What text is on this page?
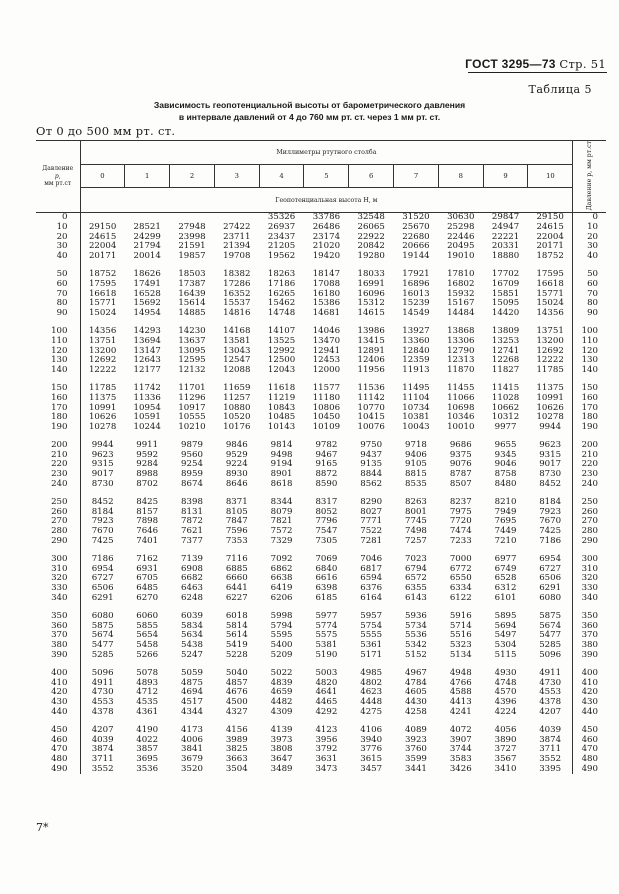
ГОСТ 3295—73 Стр. 51
Таблица 5
Зависимость геопотенциальной высоты от барометрического давления
в интервале давлений от 4 до 760 мм рт. ст. через 1 мм рт. ст.
От 0 до 500 мм рт. ст.
Давление
p,
мм рт.ст	Миллиметры ртутного столба											Давление p, мм рт.ст
	0	1	2	3	4	5	6	7	8	9	10	
	Геопотенциальная высота H, м											
0					35326	33786	32548	31520	30630	29847	29150	0
10	29150	28521	27948	27422	26937	26486	26065	25670	25298	24947	24615	10
20	24615	24299	23998	23711	23437	23174	22922	22680	22446	22221	22004	20
30	22004	21794	21591	21394	21205	21020	20842	20666	20495	20331	20171	30
40	20171	20014	19857	19708	19562	19420	19280	19144	19010	18880	18752	40

50	18752	18626	18503	18382	18263	18147	18033	17921	17810	17702	17595	50
60	17595	17491	17387	17286	17186	17088	16991	16896	16802	16709	16618	60
70	16618	16528	16439	16352	16265	16180	16096	16013	15932	15851	15771	70
80	15771	15692	15614	15537	15462	15386	15312	15239	15167	15095	15024	80
90	15024	14954	14885	14816	14748	14681	14615	14549	14484	14420	14356	90

100	14356	14293	14230	14168	14107	14046	13986	13927	13868	13809	13751	100
110	13751	13694	13637	13581	13525	13470	13415	13360	13306	13253	13200	110
120	13200	13147	13095	13043	12992	12941	12891	12840	12790	12741	12692	120
130	12692	12643	12595	12547	12500	12453	12406	12359	12313	12268	12222	130
140	12222	12177	12132	12088	12043	12000	11956	11913	11870	11827	11785	140

150	11785	11742	11701	11659	11618	11577	11536	11495	11455	11415	11375	150
160	11375	11336	11296	11257	11219	11180	11142	11104	11066	11028	10991	160
170	10991	10954	10917	10880	10843	10806	10770	10734	10698	10662	10626	170
180	10626	10591	10555	10520	10485	10450	10415	10381	10346	10312	10278	180
190	10278	10244	10210	10176	10143	10109	10076	10043	10010	9977	9944	190

200	9944	9911	9879	9846	9814	9782	9750	9718	9686	9655	9623	200
210	9623	9592	9560	9529	9498	9467	9437	9406	9375	9345	9315	210
220	9315	9284	9254	9224	9194	9165	9135	9105	9076	9046	9017	220
230	9017	8988	8959	8930	8901	8872	8844	8815	8787	8758	8730	230
240	8730	8702	8674	8646	8618	8590	8562	8535	8507	8480	8452	240

250	8452	8425	8398	8371	8344	8317	8290	8263	8237	8210	8184	250
260	8184	8157	8131	8105	8079	8052	8027	8001	7975	7949	7923	260
270	7923	7898	7872	7847	7821	7796	7771	7745	7720	7695	7670	270
280	7670	7646	7621	7596	7572	7547	7522	7498	7474	7449	7425	280
290	7425	7401	7377	7353	7329	7305	7281	7257	7233	7210	7186	290

300	7186	7162	7139	7116	7092	7069	7046	7023	7000	6977	6954	300
310	6954	6931	6908	6885	6862	6840	6817	6794	6772	6749	6727	310
320	6727	6705	6682	6660	6638	6616	6594	6572	6550	6528	6506	320
330	6506	6485	6463	6441	6419	6398	6376	6355	6334	6312	6291	330
340	6291	6270	6248	6227	6206	6185	6164	6143	6122	6101	6080	340

350	6080	6060	6039	6018	5998	5977	5957	5936	5916	5895	5875	350
360	5875	5855	5834	5814	5794	5774	5754	5734	5714	5694	5674	360
370	5674	5654	5634	5614	5595	5575	5555	5536	5516	5497	5477	370
380	5477	5458	5438	5419	5400	5381	5361	5342	5323	5304	5285	380
390	5285	5266	5247	5228	5209	5190	5171	5152	5134	5115	5096	390

400	5096	5078	5059	5040	5022	5003	4985	4967	4948	4930	4911	400
410	4911	4893	4875	4857	4839	4820	4802	4784	4766	4748	4730	410
420	4730	4712	4694	4676	4659	4641	4623	4605	4588	4570	4553	420
430	4553	4535	4517	4500	4482	4465	4448	4430	4413	4396	4378	430
440	4378	4361	4344	4327	4309	4292	4275	4258	4241	4224	4207	440

450	4207	4190	4173	4156	4139	4123	4106	4089	4072	4056	4039	450
460	4039	4022	4006	3989	3973	3956	3940	3923	3907	3890	3874	460
470	3874	3857	3841	3825	3808	3792	3776	3760	3744	3727	3711	470
480	3711	3695	3679	3663	3647	3631	3615	3599	3583	3567	3552	480
490	3552	3536	3520	3504	3489	3473	3457	3441	3426	3410	3395	490
7*
